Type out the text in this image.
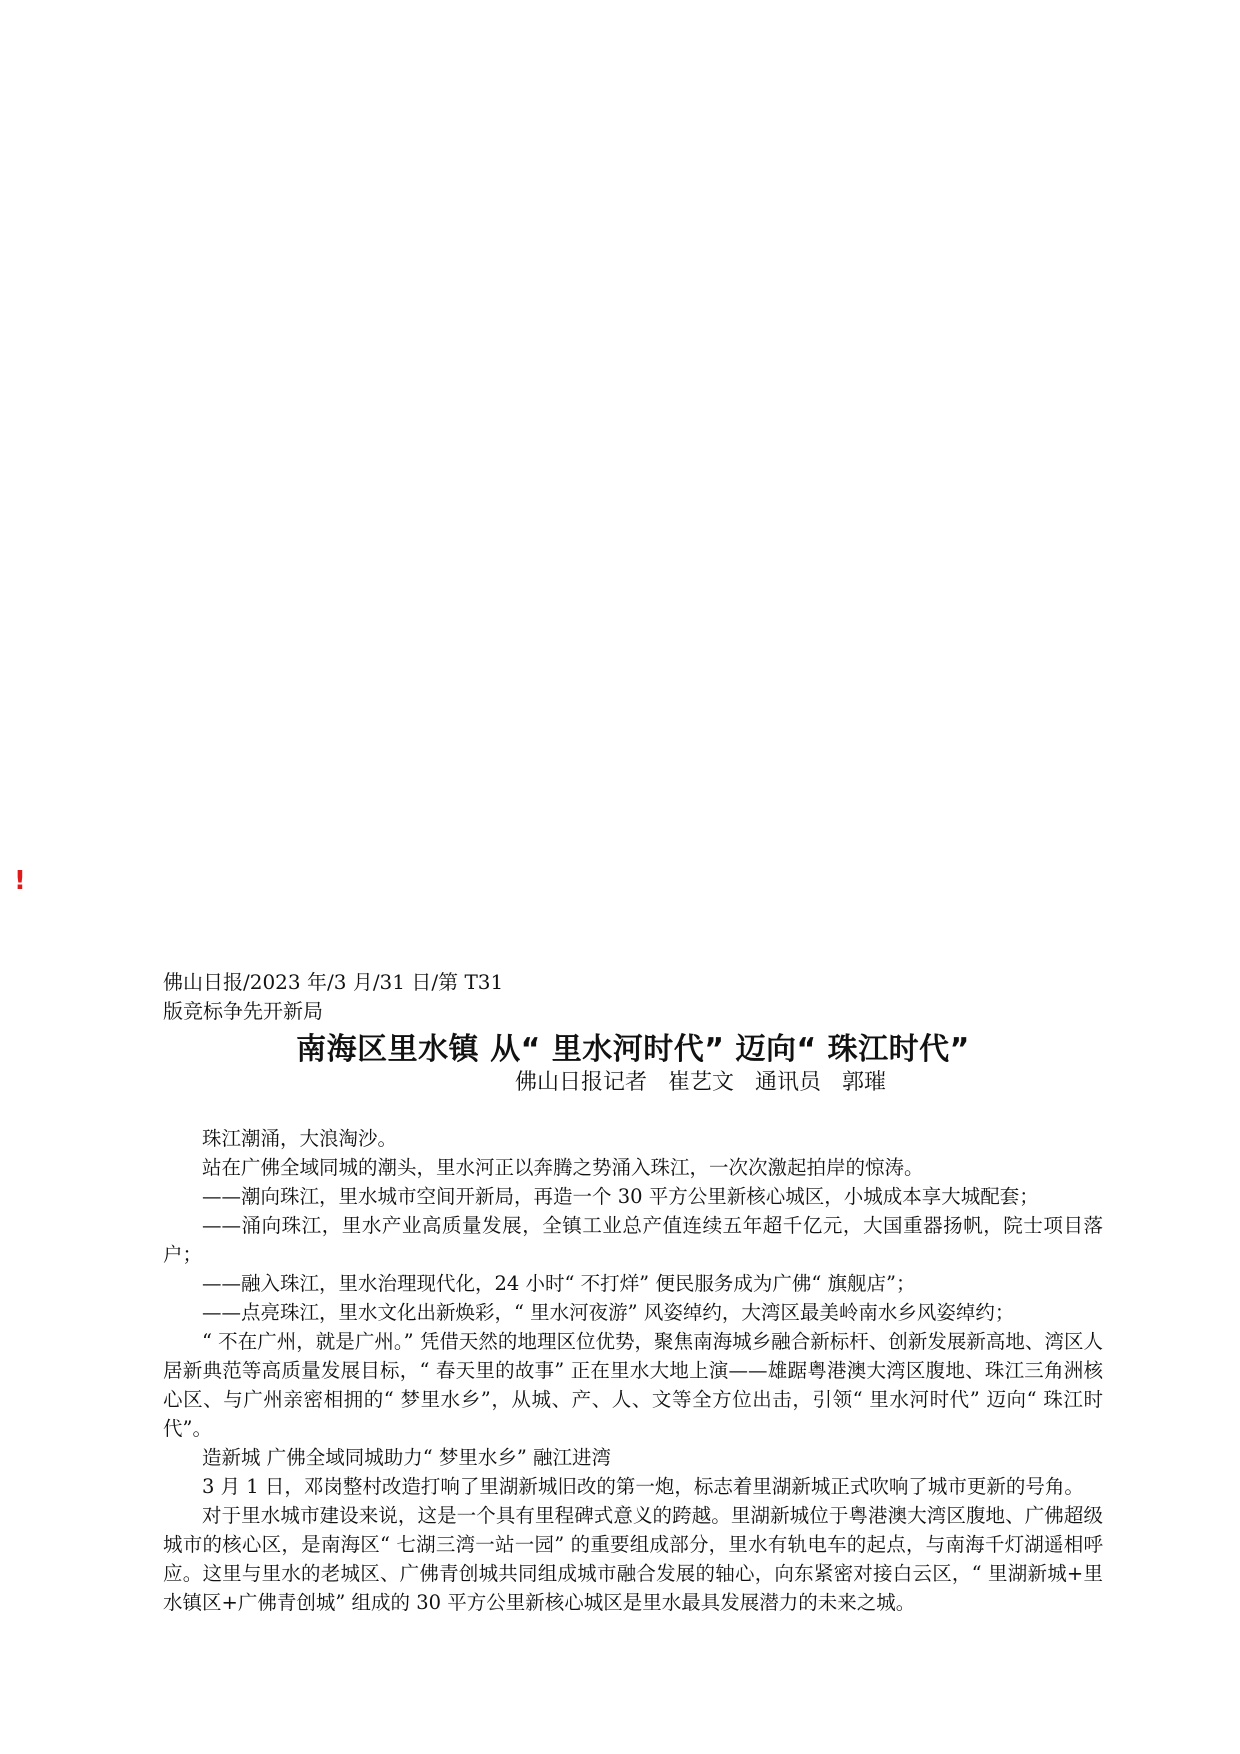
!
佛山日报/2023 年/3 月/31 日/第 T31
版竞标争先开新局
南海区里水镇 从“ 里水河时代” 迈向“ 珠江时代”
佛山日报记者 崔艺文 通讯员 郭璀

珠江潮涌，大浪淘沙。

站在广佛全域同城的潮头，里水河正以奔腾之势涌入珠江，一次次激起拍岸的惊涛。

——潮向珠江，里水城市空间开新局，再造一个 30 平方公里新核心城区，小城成本享大城配套；

——涌向珠江，里水产业高质量发展，全镇工业总产值连续五年超千亿元，大国重器扬帆，院士项目落户；

——融入珠江，里水治理现代化，24 小时“ 不打烊” 便民服务成为广佛“ 旗舰店”；

——点亮珠江，里水文化出新焕彩，“ 里水河夜游” 风姿绰约，大湾区最美岭南水乡风姿绰约；

“ 不在广州，就是广州。” 凭借天然的地理区位优势，聚焦南海城乡融合新标杆、创新发展新高地、湾区人居新典范等高质量发展目标，“ 春天里的故事” 正在里水大地上演——雄踞粤港澳大湾区腹地、珠江三角洲核心区、与广州亲密相拥的“ 梦里水乡”，从城、产、人、文等全方位出击，引领“ 里水河时代” 迈向“ 珠江时代”。

造新城 广佛全域同城助力“ 梦里水乡” 融江进湾

3 月 1 日，邓岗整村改造打响了里湖新城旧改的第一炮，标志着里湖新城正式吹响了城市更新的号角。

对于里水城市建设来说，这是一个具有里程碑式意义的跨越。里湖新城位于粤港澳大湾区腹地、广佛超级城市的核心区，是南海区“ 七湖三湾一站一园” 的重要组成部分，里水有轨电车的起点，与南海千灯湖遥相呼应。这里与里水的老城区、广佛青创城共同组成城市融合发展的轴心，向东紧密对接白云区，“ 里湖新城+里水镇区+广佛青创城” 组成的 30 平方公里新核心城区是里水最具发展潜力的未来之城。
